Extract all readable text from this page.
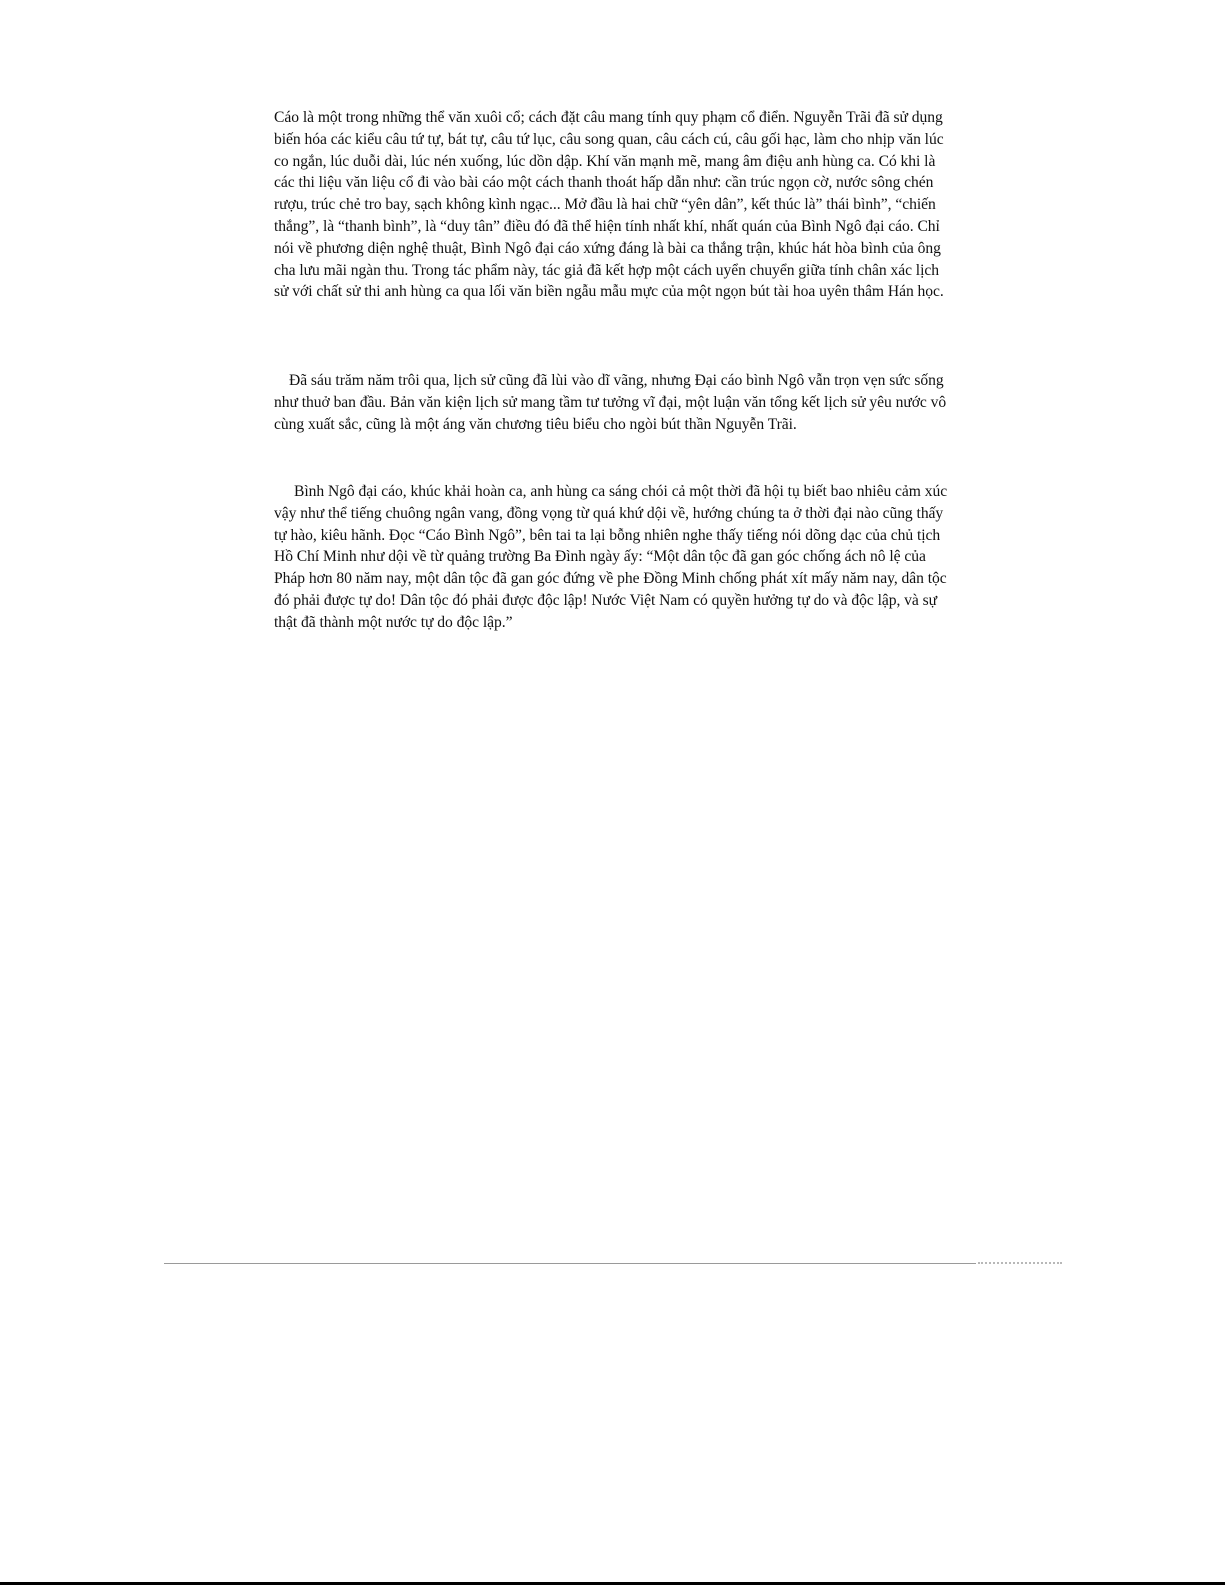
Cáo là một trong những thể văn xuôi cổ; cách đặt câu mang tính quy phạm cổ điển. Nguyễn Trãi đã sử dụng biến hóa các kiểu câu tứ tự, bát tự, câu tứ lục, câu song quan, câu cách cú, câu gối hạc, làm cho nhịp văn lúc co ngắn, lúc duỗi dài, lúc nén xuống, lúc dồn dập. Khí văn mạnh mẽ, mang âm điệu anh hùng ca. Có khi là các thi liệu văn liệu cổ đi vào bài cáo một cách thanh thoát hấp dẫn như: cần trúc ngọn cờ, nước sông chén rượu, trúc chẻ tro bay, sạch không kình ngạc... Mở đầu là hai chữ “yên dân”, kết thúc là” thái bình”, “chiến thắng”, là “thanh bình”, là “duy tân” điều đó đã thể hiện tính nhất khí, nhất quán của Bình Ngô đại cáo. Chỉ nói về phương diện nghệ thuật, Bình Ngô đại cáo xứng đáng là bài ca thắng trận, khúc hát hòa bình của ông cha lưu mãi ngàn thu. Trong tác phẩm này, tác giả đã kết hợp một cách uyển chuyển giữa tính chân xác lịch sử với chất sử thi anh hùng ca qua lối văn biền ngẫu mẫu mực của một ngọn bút tài hoa uyên thâm Hán học.

Đã sáu trăm năm trôi qua, lịch sử cũng đã lùi vào dĩ vãng, nhưng Đại cáo bình Ngô vẫn trọn vẹn sức sống như thuở ban đầu. Bản văn kiện lịch sử mang tầm tư tưởng vĩ đại, một luận văn tổng kết lịch sử yêu nước vô cùng xuất sắc, cũng là một áng văn chương tiêu biểu cho ngòi bút thần Nguyễn Trãi.

Bình Ngô đại cáo, khúc khải hoàn ca, anh hùng ca sáng chói cả một thời đã hội tụ biết bao nhiêu cảm xúc vậy như thể tiếng chuông ngân vang, đồng vọng từ quá khứ dội về, hướng chúng ta ở thời đại nào cũng thấy tự hào, kiêu hãnh. Đọc “Cáo Bình Ngô”, bên tai ta lại bỗng nhiên nghe thấy tiếng nói dõng dạc của chủ tịch Hồ Chí Minh như dội về từ quảng trường Ba Đình ngày ấy: “Một dân tộc đã gan góc chống ách nô lệ của Pháp hơn 80 năm nay, một dân tộc đã gan góc đứng về phe Đồng Minh chống phát xít mấy năm nay, dân tộc đó phải được tự do! Dân tộc đó phải được độc lập! Nước Việt Nam có quyền hưởng tự do và độc lập, và sự thật đã thành một nước tự do độc lập.”
